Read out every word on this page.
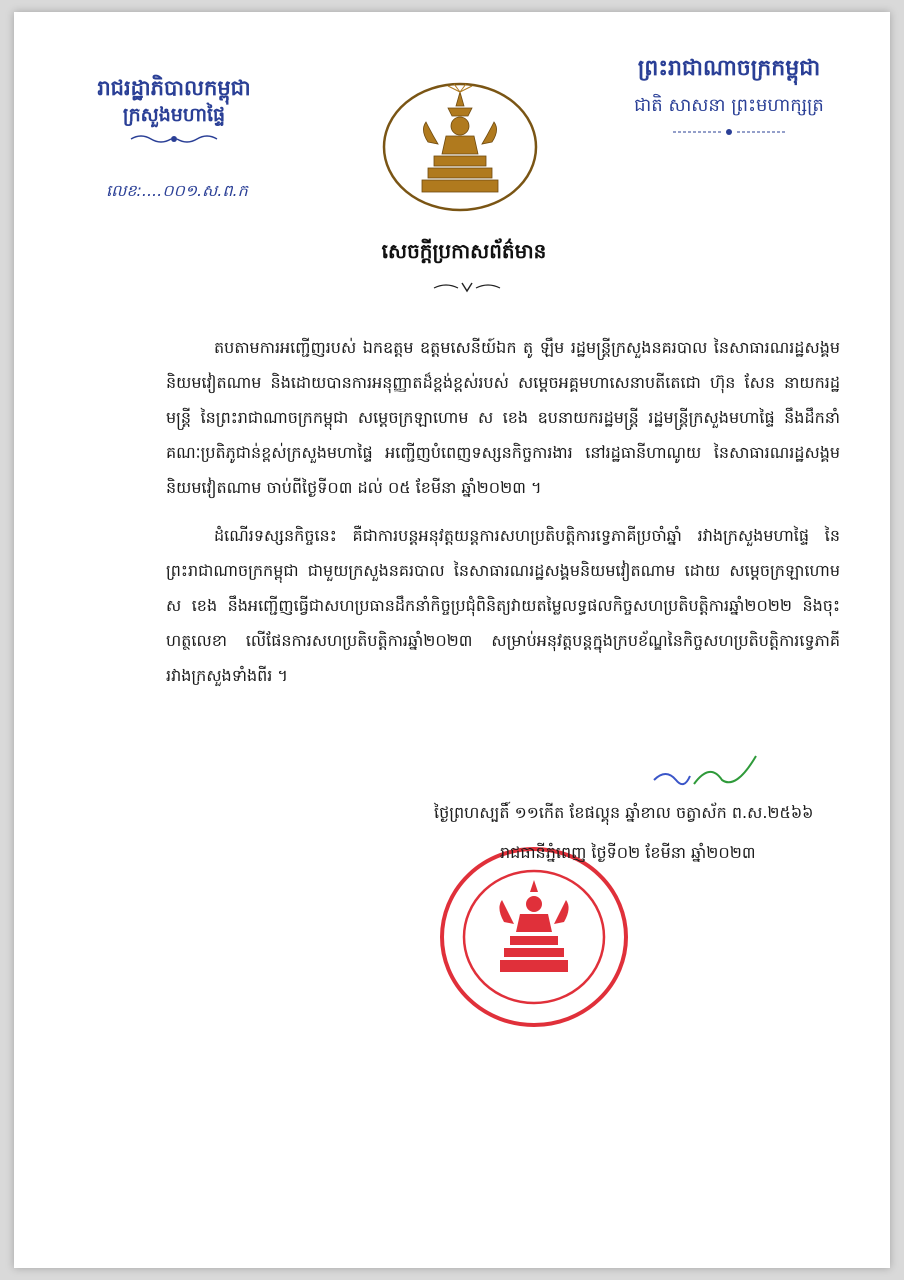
រាជរដ្ឋាភិបាលកម្ពុជា
ក្រសួងមហាផ្ទៃ
លេខ:....០០១.ស.ព.ក
ព្រះរាជាណាចក្រកម្ពុជា
ជាតិ សាសនា ព្រះមហាក្សត្រ
សេចក្ដីប្រកាសព័ត៌មាន

តបតាមការអញ្ជើញរបស់ ឯកឧត្តម ឧត្តមសេនីយ៍ឯក តូ ឡឹម រដ្ឋមន្ត្រីក្រសួងនគរបាល នៃសាធារណរដ្ឋសង្គមនិយមវៀតណាម និងដោយបានការអនុញ្ញាតដ៏ខ្ពង់ខ្ពស់របស់ សម្ដេចអគ្គមហាសេនាបតីតេជោ ហ៊ុន សែន នាយករដ្ឋមន្ត្រី នៃព្រះរាជាណាចក្រកម្ពុជា សម្ដេចក្រឡាហោម ស ខេង ឧបនាយករដ្ឋមន្ត្រី រដ្ឋមន្ត្រីក្រសួងមហាផ្ទៃ នឹងដឹកនាំគណៈប្រតិភូជាន់ខ្ពស់ក្រសួងមហាផ្ទៃ អញ្ជើញបំពេញទស្សនកិច្ចការងារ នៅរដ្ឋធានីហាណូយ នៃសាធារណរដ្ឋសង្គមនិយមវៀតណាម ចាប់ពីថ្ងៃទី០៣ ដល់ ០៥ ខែមីនា ឆ្នាំ២០២៣ ។

ដំណើរទស្សនកិច្ចនេះ គឺជាការបន្តអនុវត្តយន្តការសហប្រតិបត្តិការទ្វេភាគីប្រចាំឆ្នាំ រវាងក្រសួងមហាផ្ទៃ នៃព្រះរាជាណាចក្រកម្ពុជា ជាមួយក្រសួងនគរបាល នៃសាធារណរដ្ឋសង្គមនិយមវៀតណាម ដោយ សម្ដេចក្រឡាហោម ស ខេង នឹងអញ្ជើញធ្វើជាសហប្រធានដឹកនាំកិច្ចប្រជុំពិនិត្យវាយតម្លៃលទ្ធផលកិច្ចសហប្រតិបត្តិការឆ្នាំ២០២២ និងចុះហត្ថលេខា លើផែនការសហប្រតិបត្តិការឆ្នាំ២០២៣ សម្រាប់អនុវត្តបន្តក្នុងក្របខ័ណ្ឌនៃកិច្ចសហប្រតិបត្តិការទ្វេភាគី រវាងក្រសួងទាំងពីរ ។

ថ្ងៃព្រហស្បតិ៍ ១១កើត ខែផល្គុន ឆ្នាំខាល ចត្វាស័ក ព.ស.២៥៦៦
រាជធានីភ្នំពេញ ថ្ងៃទី០២ ខែមីនា ឆ្នាំ២០២៣
